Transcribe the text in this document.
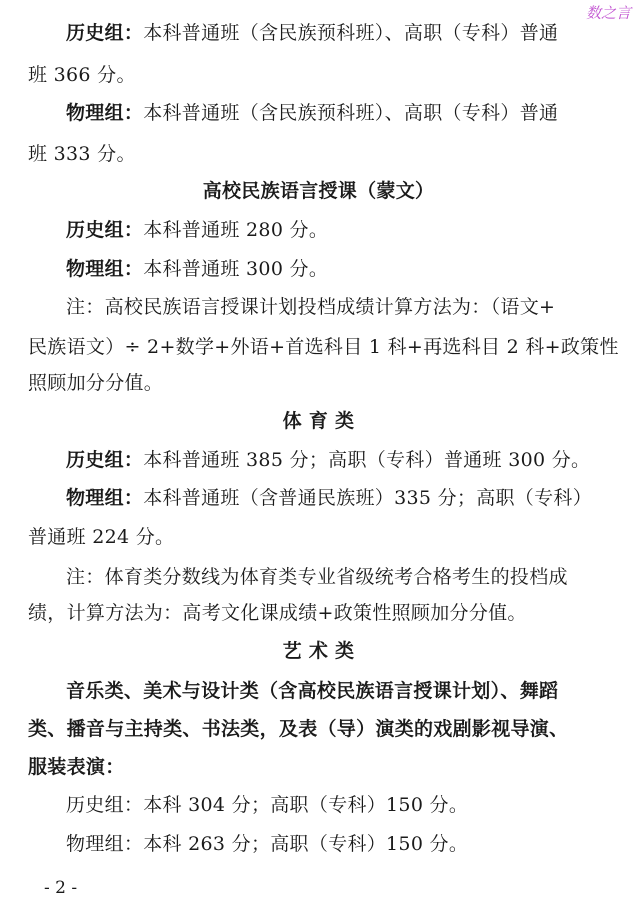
数之言
历史组：本科普通班（含民族预科班）、高职（专科）普通
班 366 分。
物理组：本科普通班（含民族预科班）、高职（专科）普通
班 333 分。
高校民族语言授课（蒙文）
历史组：本科普通班 280 分。
物理组：本科普通班 300 分。
注：高校民族语言授课计划投档成绩计算方法为：（语文+
民族语文）÷ 2+数学+外语+首选科目 1 科+再选科目 2 科+政策性
照顾加分分值。
体 育 类
历史组：本科普通班 385 分；高职（专科）普通班 300 分。
物理组：本科普通班（含普通民族班）335 分；高职（专科）
普通班 224 分。
注：体育类分数线为体育类专业省级统考合格考生的投档成
绩，计算方法为：高考文化课成绩+政策性照顾加分分值。
艺 术 类
音乐类、美术与设计类（含高校民族语言授课计划）、舞蹈
类、播音与主持类、书法类，及表（导）演类的戏剧影视导演、
服装表演：
历史组：本科 304 分；高职（专科）150 分。
物理组：本科 263 分；高职（专科）150 分。
- 2 -
